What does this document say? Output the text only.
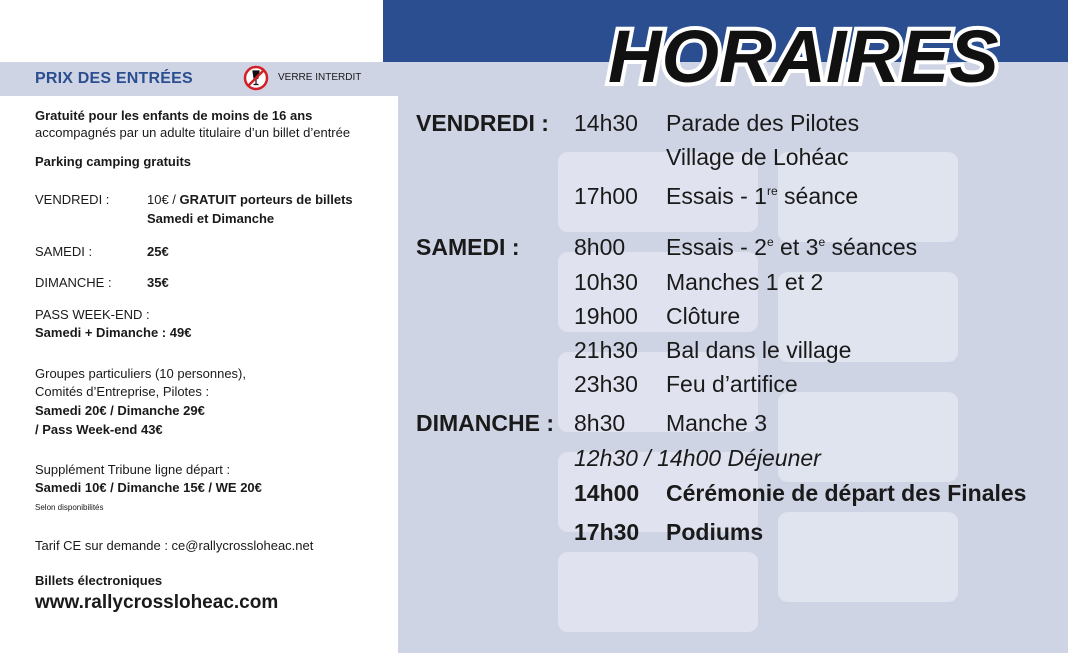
HORAIRES
PRIX DES ENTRÉES	VERRE INTERDIT
Gratuité pour les enfants de moins de 16 ans
accompagnés par un adulte titulaire d’un billet d’entrée
Parking camping gratuits
VENDREDI :	10€ / GRATUIT porteurs de billets
Samedi et Dimanche
SAMEDI :	25€
DIMANCHE :	35€
PASS WEEK-END :
Samedi + Dimanche : 49€
Groupes particuliers (10 personnes),
Comités d’Entreprise, Pilotes :
Samedi 20€ / Dimanche 29€
/ Pass Week-end 43€
Supplément Tribune ligne départ :
Samedi 10€ / Dimanche 15€ / WE 20€
Selon disponibilités
Tarif CE sur demande : ce@rallycrossloheac.net
Billets électroniques
www.rallycrossloheac.com
VENDREDI : 14h30 Parade des Pilotes
Village de Lohéac
17h00 Essais - 1re séance
SAMEDI : 8h00 Essais - 2e et 3e séances
10h30 Manches 1 et 2
19h00 Clôture
21h30 Bal dans le village
23h30 Feu d’artifice
DIMANCHE : 8h30 Manche 3
12h30 / 14h00 Déjeuner
14h00 Cérémonie de départ des Finales
17h30 Podiums
